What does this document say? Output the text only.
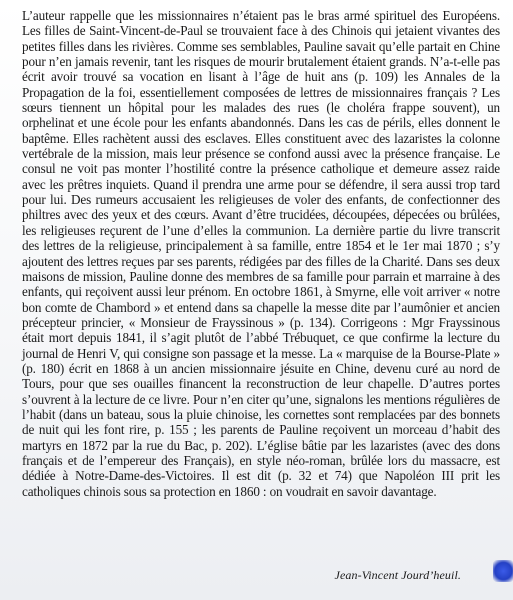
L’auteur rappelle que les missionnaires n’étaient pas le bras armé spirituel des Européens. Les filles de Saint-Vincent-de-Paul se trouvaient face à des Chinois qui jetaient vivantes des petites filles dans les rivières. Comme ses semblables, Pauline savait qu’elle partait en Chine pour n’en jamais revenir, tant les risques de mourir brutalement étaient grands. N’a-t-elle pas écrit avoir trouvé sa vocation en lisant à l’âge de huit ans (p. 109) les Annales de la Propagation de la foi, essentiellement composées de lettres de missionnaires français ? Les sœurs tiennent un hôpital pour les malades des rues (le choléra frappe souvent), un orphelinat et une école pour les enfants abandonnés. Dans les cas de périls, elles donnent le baptême. Elles rachètent aussi des esclaves. Elles constituent avec des lazaristes la colonne vertébrale de la mission, mais leur présence se confond aussi avec la présence française. Le consul ne voit pas monter l’hostilité contre la présence catholique et demeure assez raide avec les prêtres inquiets. Quand il prendra une arme pour se défendre, il sera aussi trop tard pour lui. Des rumeurs accusaient les religieuses de voler des enfants, de confectionner des philtres avec des yeux et des cœurs. Avant d’être trucidées, découpées, dépecées ou brûlées, les religieuses reçurent de l’une d’elles la communion. La dernière partie du livre transcrit des lettres de la religieuse, principalement à sa famille, entre 1854 et le 1er mai 1870 ; s’y ajoutent des lettres reçues par ses parents, rédigées par des filles de la Charité. Dans ses deux maisons de mission, Pauline donne des membres de sa famille pour parrain et marraine à des enfants, qui reçoivent aussi leur prénom. En octobre 1861, à Smyrne, elle voit arriver « notre bon comte de Chambord » et entend dans sa chapelle la messe dite par l’aumônier et ancien précepteur princier, « Monsieur de Frayssinous » (p. 134). Corrigeons : Mgr Frayssinous était mort depuis 1841, il s’agit plutôt de l’abbé Trébuquet, ce que confirme la lecture du journal de Henri V, qui consigne son passage et la messe. La « marquise de la Bourse-Plate » (p. 180) écrit en 1868 à un ancien missionnaire jésuite en Chine, devenu curé au nord de Tours, pour que ses ouailles financent la reconstruction de leur chapelle. D’autres portes s’ouvrent à la lecture de ce livre. Pour n’en citer qu’une, signalons les mentions régulières de l’habit (dans un bateau, sous la pluie chinoise, les cornettes sont remplacées par des bonnets de nuit qui les font rire, p. 155 ; les parents de Pauline reçoivent un morceau d’habit des martyrs en 1872 par la rue du Bac, p. 202). L’église bâtie par les lazaristes (avec des dons français et de l’empereur des Français), en style néo-roman, brûlée lors du massacre, est dédiée à Notre-Dame-des-Victoires. Il est dit (p. 32 et 74) que Napoléon III prit les catholiques chinois sous sa protection en 1860 : on voudrait en savoir davantage.

Jean-Vincent Jourd’heuil.
